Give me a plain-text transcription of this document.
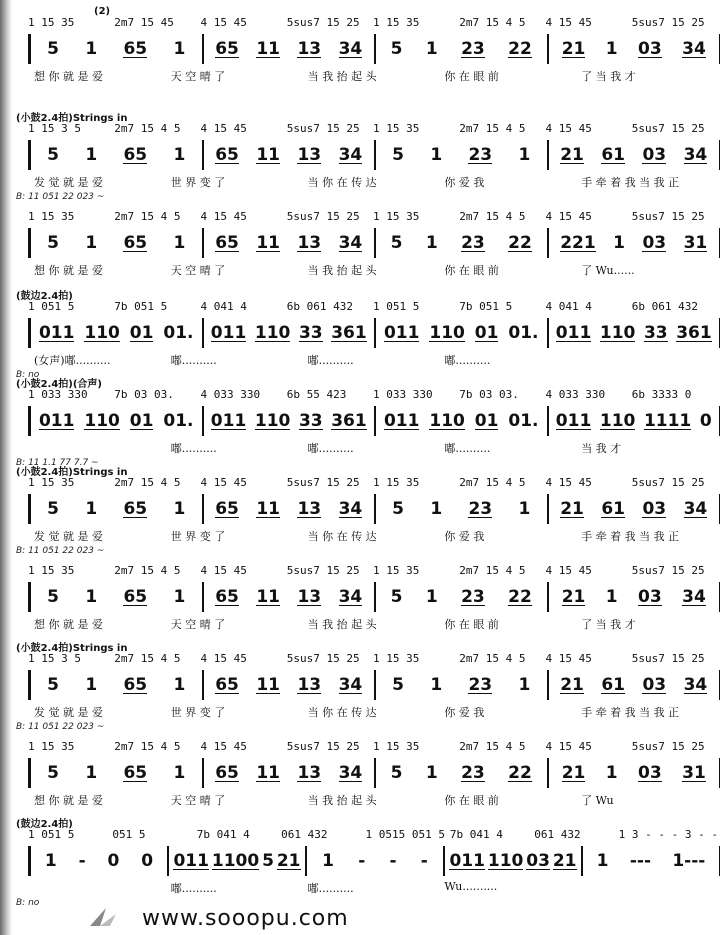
(2)
1 1̇5 35	2m7 1̇5 45	4 1̇5 45	5sus7 1̇5 2̇5	1 1̇5 35	2m7 1̇5 4 5	4 1̇5 45	5sus7 1̇5 2̇5
5 1 65 1 65 11 13 34 5 1 23 22 21 1 03 34
想 你 就 是 爱	天 空 晴 了	当 我 抬 起 头	你 在 眼 前	了 当 我 才
(小鼓2.4拍)Strings in
1 1̇5 3 5	2m7 1̇5 4 5	4 1̇5 45	5sus7 1̇5 2̇5	1 1̇5 35	2m7 1̇5 4 5	4 1̇5 45	5sus7 1̇5 2̇5
5 1 65 1 65 11 13 34 5 1 23 1 21 61 03 34
发 觉 就 是 爱	世 界 变 了	当 你 在 传 达	你 爱 我	手 牵 着 我 当 我 正
B: 11 051 22 023 ~
1 1̇5 35	2m7 1̇5 4 5	4 1̇5 45	5sus7 1̇5 2̇5	1 1̇5 35	2m7 1̇5 4 5	4 1̇5 45	5sus7 1̇5 2̇5
5 1 65 1 65 11 13 34 5 1 23 22 221 1 03 31
想 你 就 是 爱	天 空 晴 了	当 我 抬 起 头	你 在 眼 前	了 Wu......
(鼓边2.4拍)
1 051 5	7b 051 5	4 041 4	6b 061 432	1 051 5	7b 051 5	4 041 4	6b 061 432
011 110 01 01. 011 110 33 361 011 110 01 01. 011 110 33 361
(女声)嘟..........	嘟..........	嘟..........	嘟..........
B: no
(小鼓2.4拍)(合声)
1 033 330	7b 03 03.	4 033 330	6b 55 423	1 033 330	7b 03 03.	4 033 330	6b 3333 0
011 110 01 01. 011 110 33 361 011 110 01 01. 011 110 1111 0
嘟..........	嘟..........	嘟..........	当 我 才
B: 11 1.1 77 7.7 ~
(小鼓2.4拍)Strings in
1 1̇5 35	2m7 1̇5 4 5	4 1̇5 45	5sus7 1̇5 2̇5	1 1̇5 35	2m7 1̇5 4 5	4 1̇5 45	5sus7 1̇5 2̇5
5 1 65 1 65 11 13 34 5 1 23 1 21 61 03 34
发 觉 就 是 爱	世 界 变 了	当 你 在 传 达	你 爱 我	手 牵 着 我 当 我 正
B: 11 051 22 023 ~
1 1̇5 35	2m7 1̇5 4 5	4 1̇5 45	5sus7 1̇5 2̇5	1 1̇5 35	2m7 1̇5 4 5	4 1̇5 45	5sus7 1̇5 2̇5
5 1 65 1 65 11 13 34 5 1 23 22 21 1 03 34
想 你 就 是 爱	天 空 晴 了	当 我 抬 起 头	你 在 眼 前	了 当 我 才
(小鼓2.4拍)Strings in
1 1̇5 3 5	2m7 1̇5 4 5	4 1̇5 45	5sus7 1̇5 2̇5	1 1̇5 35	2m7 1̇5 4 5	4 1̇5 45	5sus7 1̇5 2̇5
5 1 65 1 65 11 13 34 5 1 23 1 21 61 03 34
发 觉 就 是 爱	世 界 变 了	当 你 在 传 达	你 爱 我	手 牵 着 我 当 我 正
B: 11 051 22 023 ~
1 1̇5 35	2m7 1̇5 4 5	4 1̇5 45	5sus7 1̇5 2̇5	1 1̇5 35	2m7 1̇5 4 5	4 1̇5 45	5sus7 1̇5 2̇5
5 1 65 1 65 11 13 34 5 1 23 22 21 1 03 31
想 你 就 是 爱	天 空 晴 了	当 我 抬 起 头	你 在 眼 前	了 Wu
(鼓边2.4拍)
1 051 5	051 5	7b 041 4	061 432	1 0515 051 5 7b 041 4	061 432	1 3 - - - 3 - -
1 - 0 0 011 1100 5 21 1 - - - 011 110 03 21 1 --- 1---
嘟..........	嘟..........	Wu..........
B: no
www.sooopu.com
